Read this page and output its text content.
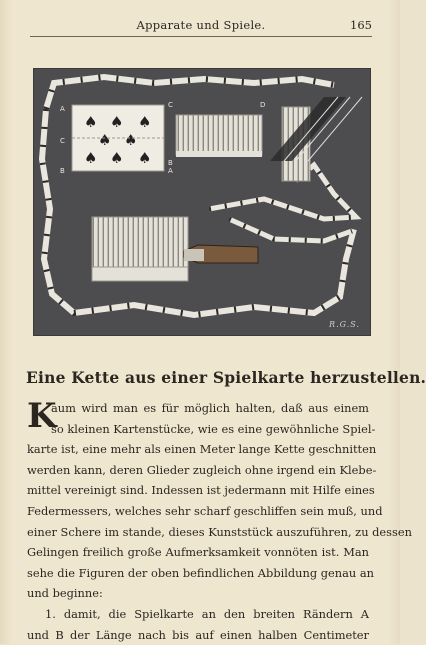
Apparate und Spiele.	165
♠ ♠ ♠
♠ ♠
♠ ♠ ♠
A
B
C	D
C
B
A
R.G.S.
Eine Kette aus einer Spielkarte herzustellen.
K
aum wird man es für möglich halten, daß aus einem
so kleinen Kartenstücke, wie es eine gewöhnliche Spiel-
karte ist, eine mehr als einen Meter lange Kette geschnitten
werden kann, deren Glieder zugleich ohne irgend ein Klebe-
mittel vereinigt sind. Indessen ist jedermann mit Hilfe eines
Federmessers, welches sehr scharf geschliffen sein muß, und
einer Schere im stande, dieses Kunststück auszuführen, zu dessen
Gelingen freilich große Aufmerksamkeit vonnöten ist. Man
sehe die Figuren der oben befindlichen Abbildung genau an
und beginne:
1. damit, die Spielkarte an den breiten Rändern A
und B der Länge nach bis auf einen halben Centimeter
